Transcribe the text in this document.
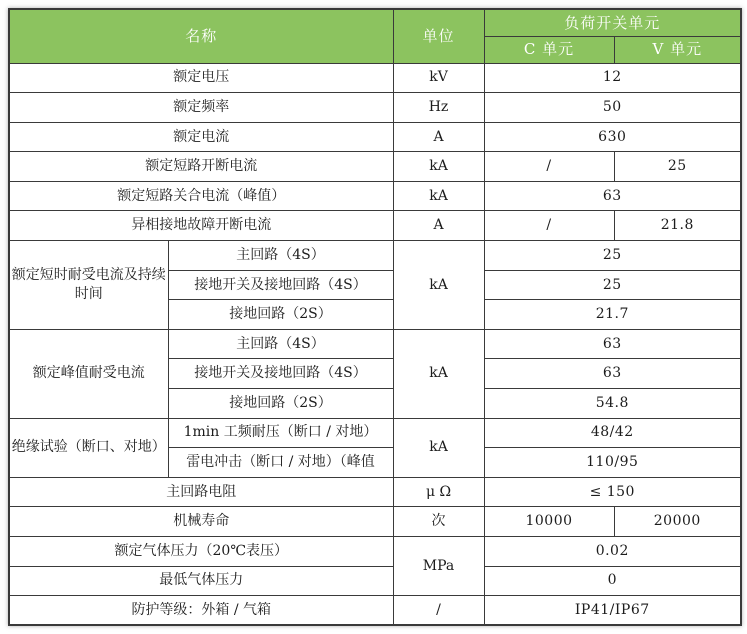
名称		单位	负荷开关单元	
			C 单元	V 单元
额定电压		kV	12	
额定频率		Hz	50	
额定电流		A	630	
额定短路开断电流		kA	/	25
额定短路关合电流（峰值）		kA	63	
异相接地故障开断电流		A	/	21.8
额定短时耐受电流及持续时间	主回路（4S）	kA	25	
	接地开关及接地回路（4S）		25	
	接地回路（2S）		21.7	
额定峰值耐受电流	主回路（4S）	kA	63	
	接地开关及接地回路（4S）		63	
	接地回路（2S）		54.8	
绝缘试验（断口、对地）	1min 工频耐压（断口 / 对地）	kA	48/42	
	雷电冲击（断口 / 对地）（峰值		110/95	
主回路电阻		μ Ω	≤ 150	
机械寿命		次	10000	20000
额定气体压力（20℃表压）		MPa	0.02	
最低气体压力			0	
防护等级：外箱 / 气箱		/	IP41/IP67	
